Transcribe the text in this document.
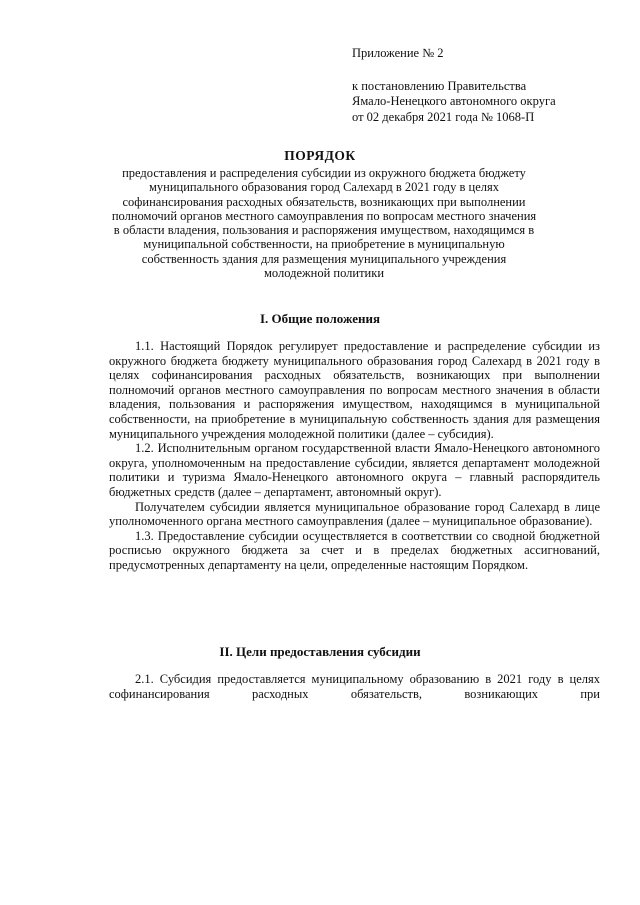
Приложение № 2
к постановлению Правительства
Ямало-Ненецкого автономного округа
от 02 декабря 2021 года № 1068-П
ПОРЯДОК
предоставления и распределения субсидии из окружного бюджета бюджету муниципального образования город Салехард в 2021 году в целях софинансирования расходных обязательств, возникающих при выполнении полномочий органов местного самоуправления по вопросам местного значения в области владения, пользования и распоряжения имуществом, находящимся в муниципальной собственности, на приобретение в муниципальную собственность здания для размещения муниципального учреждения молодежной политики
I. Общие положения

1.1. Настоящий Порядок регулирует предоставление и распределение субсидии из окружного бюджета бюджету муниципального образования город Салехард в 2021 году в целях софинансирования расходных обязательств, возникающих при выполнении полномочий органов местного самоуправления по вопросам местного значения в области владения, пользования и распоряжения имуществом, находящимся в муниципальной собственности, на приобретение в муниципальную собственность здания для размещения муниципального учреждения молодежной политики (далее – субсидия).

1.2. Исполнительным органом государственной власти Ямало-Ненецкого автономного округа, уполномоченным на предоставление субсидии, является департамент молодежной политики и туризма Ямало-Ненецкого автономного округа – главный распорядитель бюджетных средств (далее – департамент, автономный округ).

Получателем субсидии является муниципальное образование город Салехард в лице уполномоченного органа местного самоуправления (далее – муниципальное образование).

1.3. Предоставление субсидии осуществляется в соответствии со сводной бюджетной росписью окружного бюджета за счет и в пределах бюджетных ассигнований, предусмотренных департаменту на цели, определенные настоящим Порядком.

II. Цели предоставления субсидии

2.1. Субсидия предоставляется муниципальному образованию в 2021 году в целях софинансирования расходных обязательств, возникающих при
